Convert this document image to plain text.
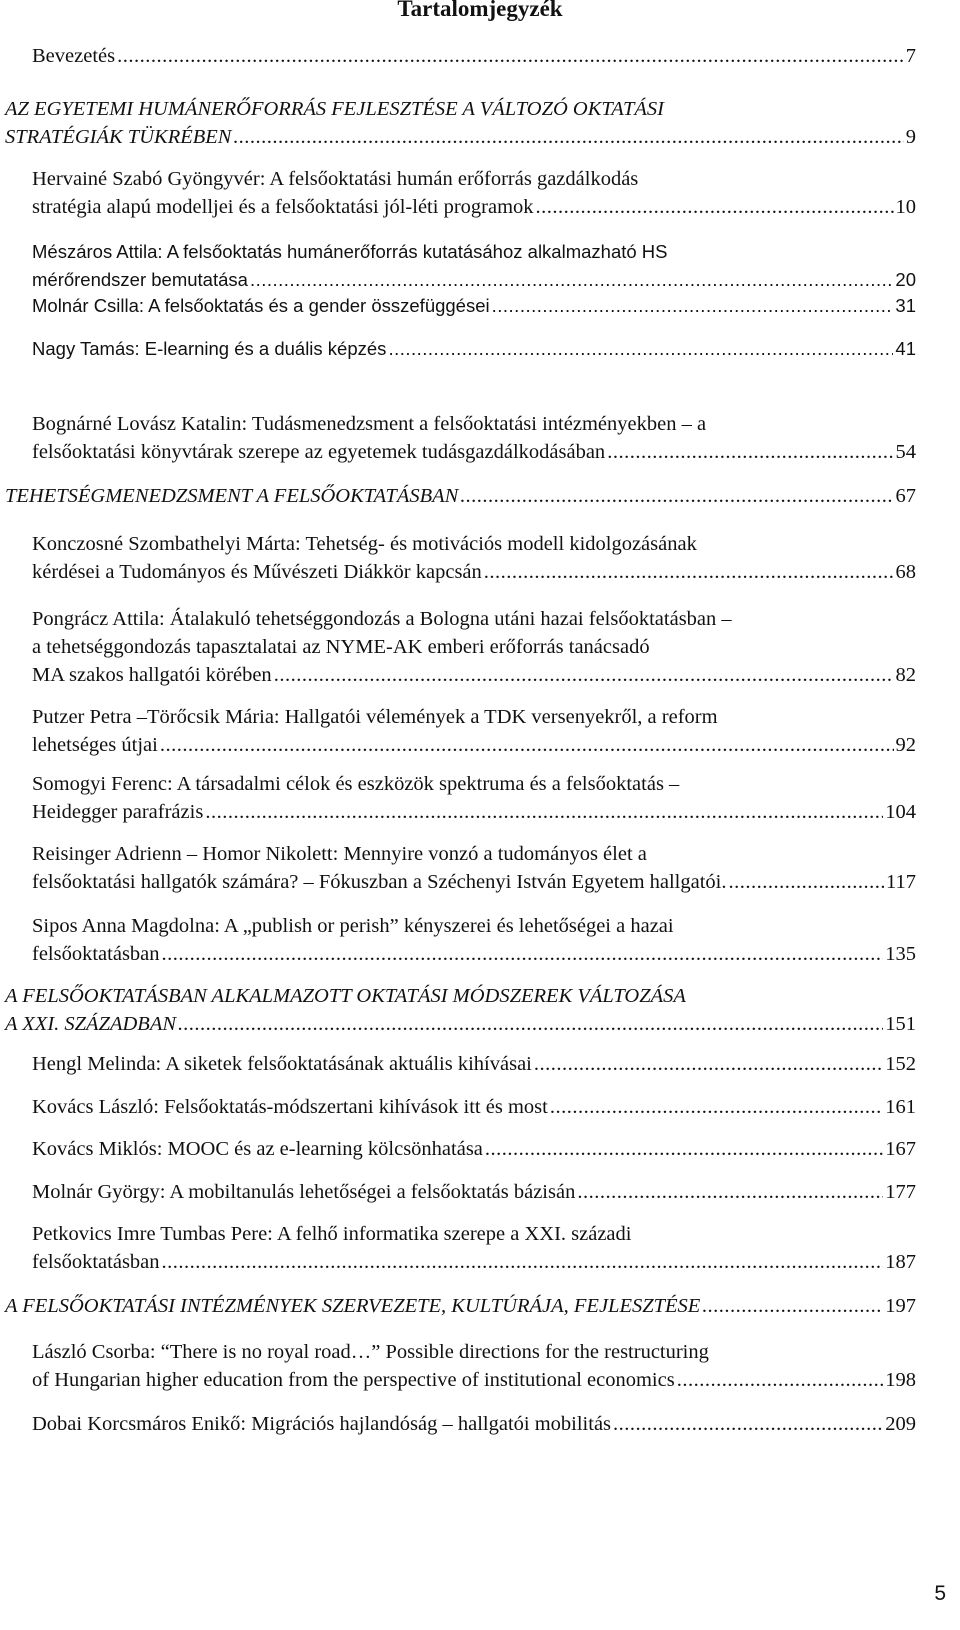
Tartalomjegyzék
Bevezetés .....	7
AZ EGYETEMI HUMÁNERŐFORRÁS FEJLESZTÉSE A VÁLTOZÓ OKTATÁSI
STRATÉGIÁK TÜKRÉBEN .....	9
Hervainé Szabó Gyöngyvér: A felsőoktatási humán erőforrás gazdálkodás
stratégia alapú modelljei és a felsőoktatási jól-léti programok .....	10
Mészáros Attila: A felsőoktatás humánerőforrás kutatásához alkalmazható HS
mérőrendszer bemutatása .....	20
Molnár Csilla: A felsőoktatás és a gender összefüggései .....	31
Nagy Tamás: E-learning és a duális képzés .....	41
Bognárné Lovász Katalin: Tudásmenedzsment a felsőoktatási intézményekben – a
felsőoktatási könyvtárak szerepe az egyetemek tudásgazdálkodásában .....	54
TEHETSÉGMENEDZSMENT A FELSŐOKTATÁSBAN .....	67
Konczosné Szombathelyi Márta: Tehetség- és motivációs modell kidolgozásának
kérdései a Tudományos és Művészeti Diákkör kapcsán .....	68
Pongrácz Attila: Átalakuló tehetséggondozás a Bologna utáni hazai felsőoktatásban –
a tehetséggondozás tapasztalatai az NYME-AK emberi erőforrás tanácsadó
MA szakos hallgatói körében .....	82
Putzer Petra –Törőcsik Mária: Hallgatói vélemények a TDK versenyekről, a reform
lehetséges útjai .....	92
Somogyi Ferenc: A társadalmi célok és eszközök spektruma és a felsőoktatás –
Heidegger parafrázis .....	104
Reisinger Adrienn – Homor Nikolett: Mennyire vonzó a tudományos élet a
felsőoktatási hallgatók számára? – Fókuszban a Széchenyi István Egyetem hallgatói. .....	117
Sipos Anna Magdolna: A „publish or perish” kényszerei és lehetőségei a hazai
felsőoktatásban .....	135
A FELSŐOKTATÁSBAN ALKALMAZOTT OKTATÁSI MÓDSZEREK VÁLTOZÁSA
A XXI. SZÁZADBAN .....	151
Hengl Melinda: A siketek felsőoktatásának aktuális kihívásai .....	152
Kovács László: Felsőoktatás-módszertani kihívások itt és most .....	161
Kovács Miklós: MOOC és az e-learning kölcsönhatása .....	167
Molnár György: A mobiltanulás lehetőségei a felsőoktatás bázisán .....	177
Petkovics Imre Tumbas Pere: A felhő informatika szerepe a XXI. századi
felsőoktatásban .....	187
A FELSŐOKTATÁSI INTÉZMÉNYEK SZERVEZETE, KULTÚRÁJA, FEJLESZTÉSE .....	197
László Csorba: “There is no royal road…” Possible directions for the restructuring
of Hungarian higher education from the perspective of institutional economics .....	198
Dobai Korcsmáros Enikő: Migrációs hajlandóság – hallgatói mobilitás .....	209
5
